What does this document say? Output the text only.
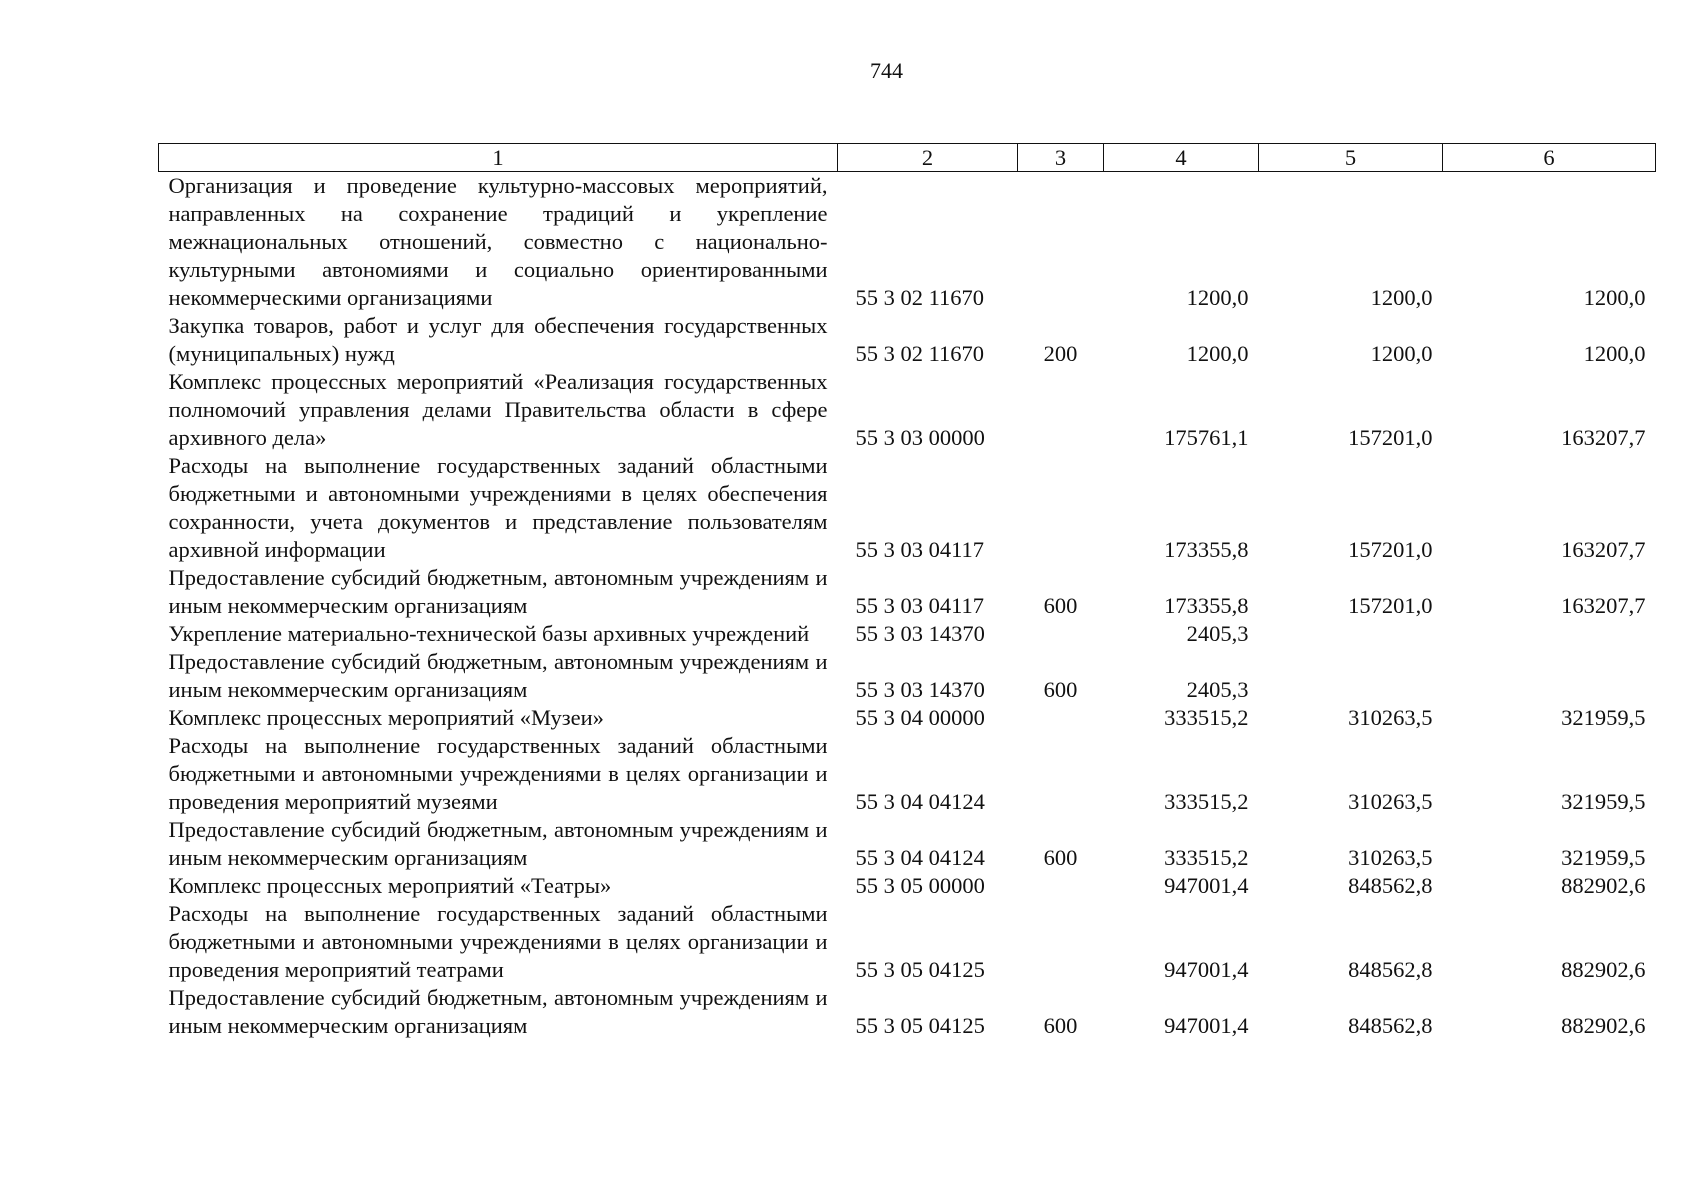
744
1	2	3	4	5	6
Организация и проведение культурно-массовых мероприятий, направленных на сохранение традиций и укрепление межнациональных отношений, совместно с национально-культурными автономиями и социально ориентированными некоммерческими организациями	55 3 02 11670		1200,0	1200,0	1200,0
Закупка товаров, работ и услуг для обеспечения государственных (муниципальных) нужд	55 3 02 11670	200	1200,0	1200,0	1200,0
Комплекс процессных мероприятий «Реализация государственных полномочий управления делами Правительства области в сфере архивного дела»	55 3 03 00000		175761,1	157201,0	163207,7
Расходы на выполнение государственных заданий областными бюджетными и автономными учреждениями в целях обеспечения сохранности, учета документов и представление пользователям архивной информации	55 3 03 04117		173355,8	157201,0	163207,7
Предоставление субсидий бюджетным, автономным учреждениям и иным некоммерческим организациям	55 3 03 04117	600	173355,8	157201,0	163207,7
Укрепление материально-технической базы архивных учреждений	55 3 03 14370		2405,3		
Предоставление субсидий бюджетным, автономным учреждениям и иным некоммерческим организациям	55 3 03 14370	600	2405,3		
Комплекс процессных мероприятий «Музеи»	55 3 04 00000		333515,2	310263,5	321959,5
Расходы на выполнение государственных заданий областными бюджетными и автономными учреждениями в целях организации и проведения мероприятий музеями	55 3 04 04124		333515,2	310263,5	321959,5
Предоставление субсидий бюджетным, автономным учреждениям и иным некоммерческим организациям	55 3 04 04124	600	333515,2	310263,5	321959,5
Комплекс процессных мероприятий «Театры»	55 3 05 00000		947001,4	848562,8	882902,6
Расходы на выполнение государственных заданий областными бюджетными и автономными учреждениями в целях организации и проведения мероприятий театрами	55 3 05 04125		947001,4	848562,8	882902,6
Предоставление субсидий бюджетным, автономным учреждениям и иным некоммерческим организациям	55 3 05 04125	600	947001,4	848562,8	882902,6
